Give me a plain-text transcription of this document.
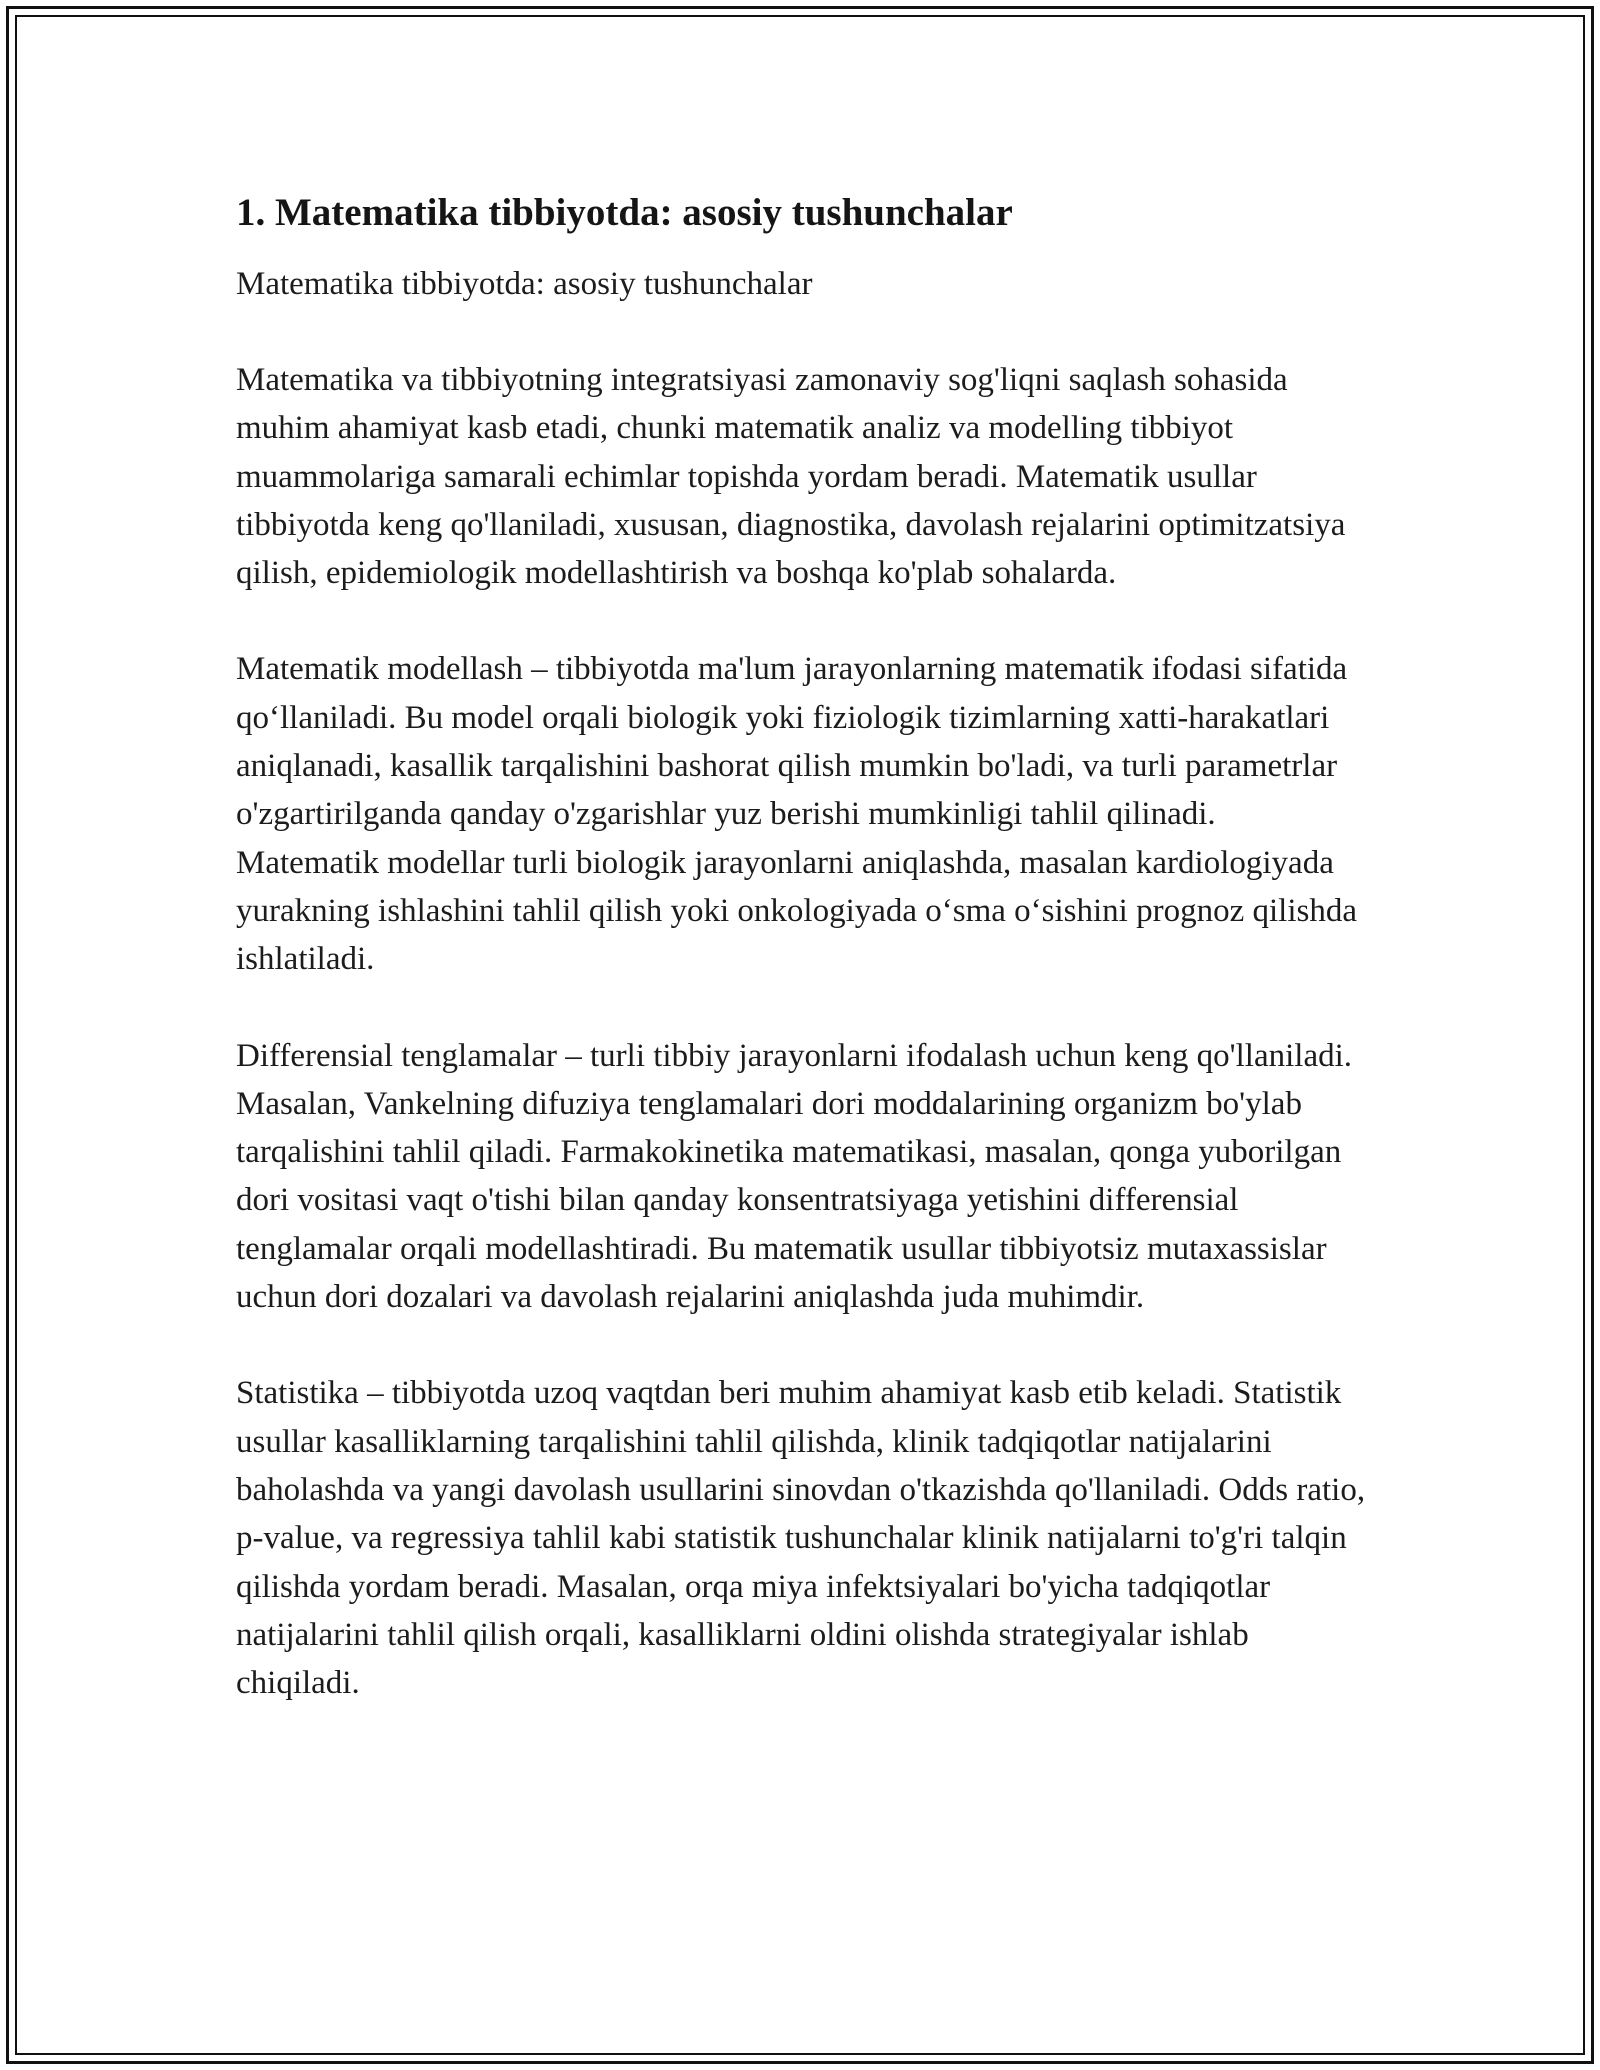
1. Matematika tibbiyotda: asosiy tushunchalar

Matematika tibbiyotda: asosiy tushunchalar

Matematika va tibbiyotning integratsiyasi zamonaviy sog'liqni saqlash sohasida muhim ahamiyat kasb etadi, chunki matematik analiz va modelling tibbiyot muammolariga samarali echimlar topishda yordam beradi. Matematik usullar tibbiyotda keng qo'llaniladi, xususan, diagnostika, davolash rejalarini optimitzatsiya qilish, epidemiologik modellashtirish va boshqa ko'plab sohalarda.

Matematik modellash – tibbiyotda ma'lum jarayonlarning matematik ifodasi sifatida qo‘llaniladi. Bu model orqali biologik yoki fiziologik tizimlarning xatti-harakatlari aniqlanadi, kasallik tarqalishini bashorat qilish mumkin bo'ladi, va turli parametrlar o'zgartirilganda qanday o'zgarishlar yuz berishi mumkinligi tahlil qilinadi. Matematik modellar turli biologik jarayonlarni aniqlashda, masalan kardiologiyada yurakning ishlashini tahlil qilish yoki onkologiyada o‘sma o‘sishini prognoz qilishda ishlatiladi.

Differensial tenglamalar – turli tibbiy jarayonlarni ifodalash uchun keng qo'llaniladi. Masalan, Vankelning difuziya tenglamalari dori moddalarining organizm bo'ylab tarqalishini tahlil qiladi. Farmakokinetika matematikasi, masalan, qonga yuborilgan dori vositasi vaqt o'tishi bilan qanday konsentratsiyaga yetishini differensial tenglamalar orqali modellashtiradi. Bu matematik usullar tibbiyotsiz mutaxassislar uchun dori dozalari va davolash rejalarini aniqlashda juda muhimdir.

Statistika – tibbiyotda uzoq vaqtdan beri muhim ahamiyat kasb etib keladi. Statistik usullar kasalliklarning tarqalishini tahlil qilishda, klinik tadqiqotlar natijalarini baholashda va yangi davolash usullarini sinovdan o'tkazishda qo'llaniladi. Odds ratio, p-value, va regressiya tahlil kabi statistik tushunchalar klinik natijalarni to'g'ri talqin qilishda yordam beradi. Masalan, orqa miya infektsiyalari bo'yicha tadqiqotlar natijalarini tahlil qilish orqali, kasalliklarni oldini olishda strategiyalar ishlab chiqiladi.
